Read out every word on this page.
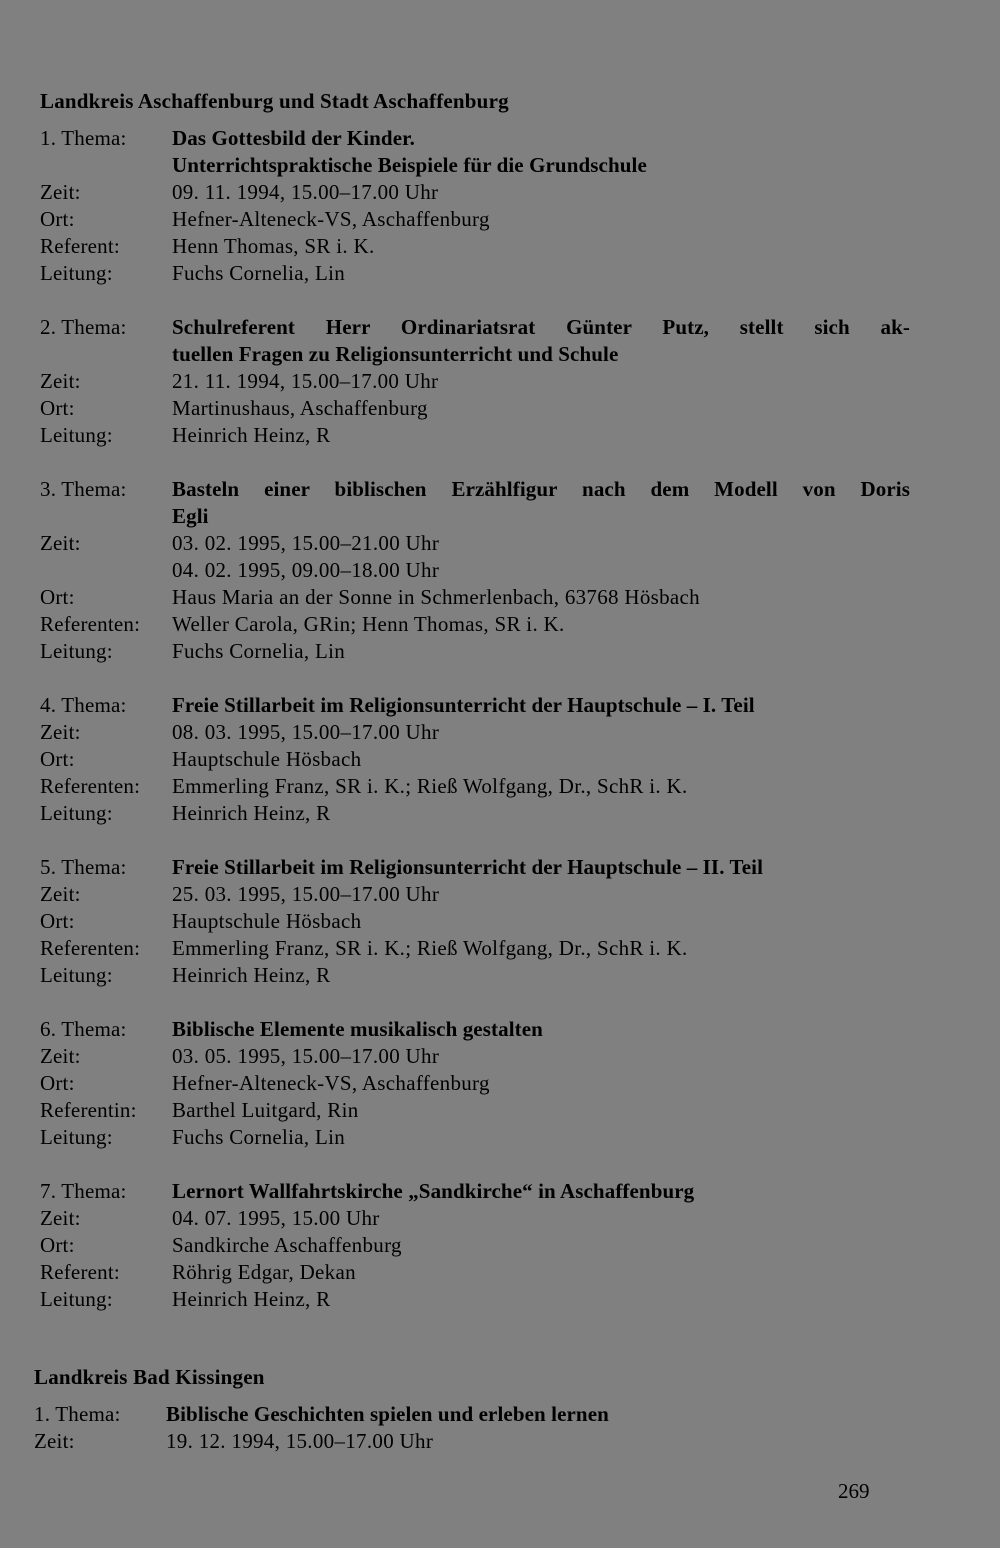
Landkreis Aschaffenburg und Stadt Aschaffenburg
1. Thema:	Das Gottesbild der Kinder.
Unterrichtspraktische Beispiele für die Grundschule
Zeit:	09. 11. 1994, 15.00–17.00 Uhr
Ort:	Hefner-Alteneck-VS, Aschaffenburg
Referent:	Henn Thomas, SR i. K.
Leitung:	Fuchs Cornelia, Lin
2. Thema:	Schulreferent Herr Ordinariatsrat Günter Putz, stellt sich ak-
tuellen Fragen zu Religionsunterricht und Schule
Zeit:	21. 11. 1994, 15.00–17.00 Uhr
Ort:	Martinushaus, Aschaffenburg
Leitung:	Heinrich Heinz, R
3. Thema:	Basteln einer biblischen Erzählfigur nach dem Modell von Doris
Egli
Zeit:	03. 02. 1995, 15.00–21.00 Uhr
04. 02. 1995, 09.00–18.00 Uhr
Ort:	Haus Maria an der Sonne in Schmerlenbach, 63768 Hösbach
Referenten:	Weller Carola, GRin; Henn Thomas, SR i. K.
Leitung:	Fuchs Cornelia, Lin
4. Thema:	Freie Stillarbeit im Religionsunterricht der Hauptschule – I. Teil
Zeit:	08. 03. 1995, 15.00–17.00 Uhr
Ort:	Hauptschule Hösbach
Referenten:	Emmerling Franz, SR i. K.; Rieß Wolfgang, Dr., SchR i. K.
Leitung:	Heinrich Heinz, R
5. Thema:	Freie Stillarbeit im Religionsunterricht der Hauptschule – II. Teil
Zeit:	25. 03. 1995, 15.00–17.00 Uhr
Ort:	Hauptschule Hösbach
Referenten:	Emmerling Franz, SR i. K.; Rieß Wolfgang, Dr., SchR i. K.
Leitung:	Heinrich Heinz, R
6. Thema:	Biblische Elemente musikalisch gestalten
Zeit:	03. 05. 1995, 15.00–17.00 Uhr
Ort:	Hefner-Alteneck-VS, Aschaffenburg
Referentin:	Barthel Luitgard, Rin
Leitung:	Fuchs Cornelia, Lin
7. Thema:	Lernort Wallfahrtskirche „Sandkirche“ in Aschaffenburg
Zeit:	04. 07. 1995, 15.00 Uhr
Ort:	Sandkirche Aschaffenburg
Referent:	Röhrig Edgar, Dekan
Leitung:	Heinrich Heinz, R
Landkreis Bad Kissingen
1. Thema:	Biblische Geschichten spielen und erleben lernen
Zeit:	19. 12. 1994, 15.00–17.00 Uhr
269
